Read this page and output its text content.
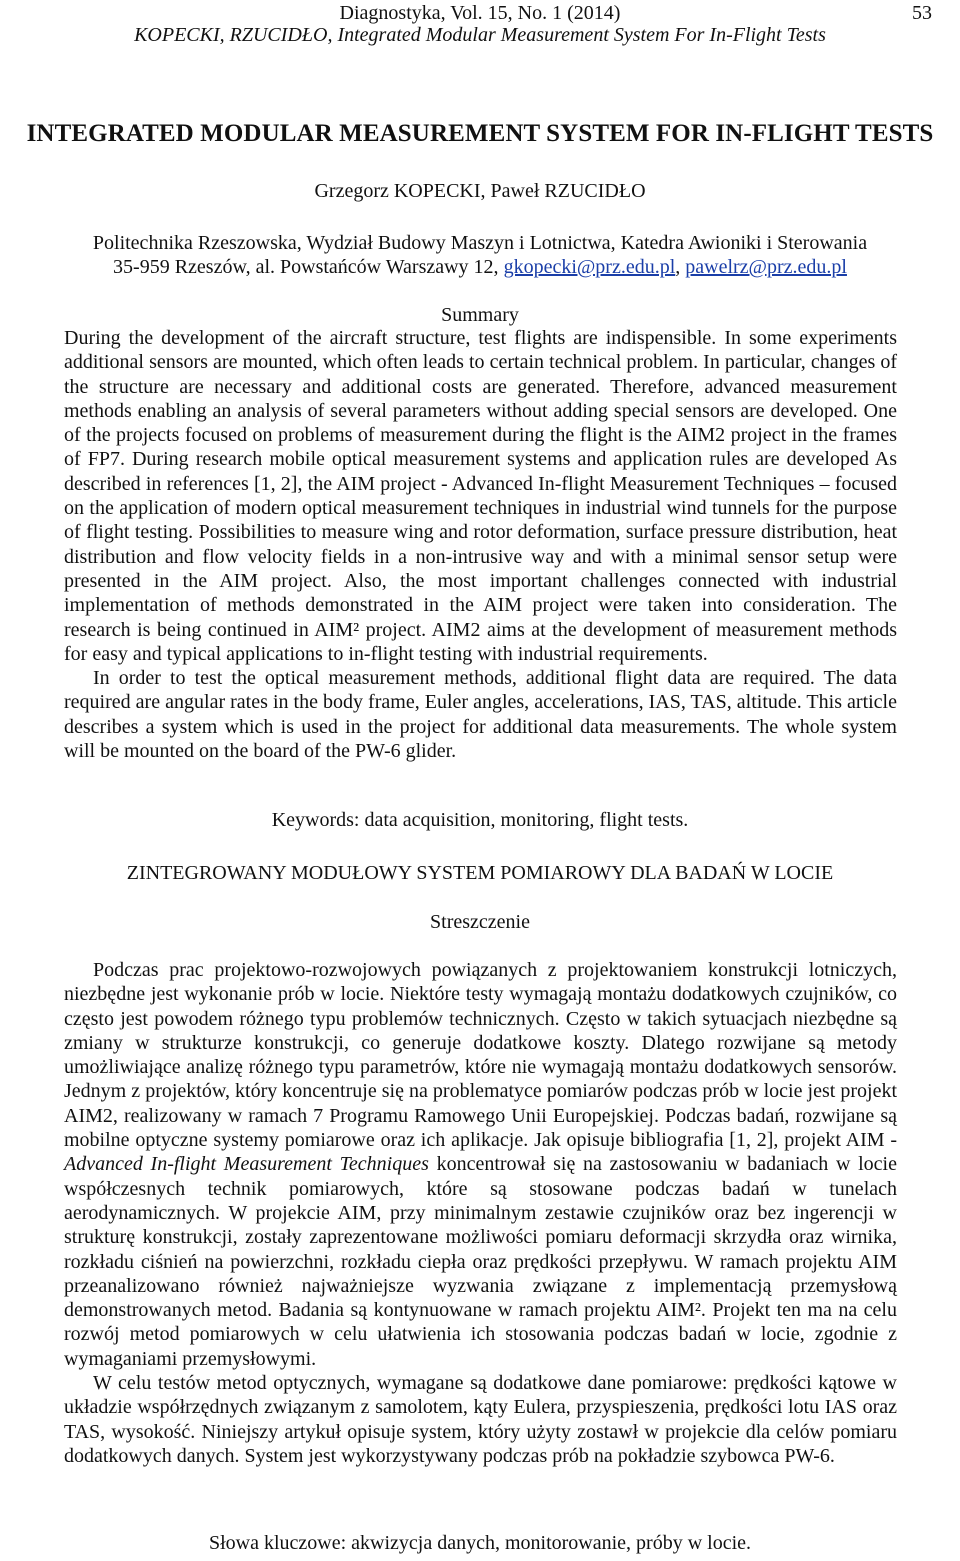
Diagnostyka, Vol. 15, No. 1 (2014)	53
KOPECKI, RZUCIDŁO, Integrated Modular Measurement System For In-Flight Tests
INTEGRATED MODULAR MEASUREMENT SYSTEM FOR IN-FLIGHT TESTS
Grzegorz KOPECKI, Paweł RZUCIDŁO
Politechnika Rzeszowska, Wydział Budowy Maszyn i Lotnictwa, Katedra Awioniki i Sterowania
35-959 Rzeszów, al. Powstańców Warszawy 12, gkopecki@prz.edu.pl, pawelrz@prz.edu.pl
Summary

During the development of the aircraft structure, test flights are indispensible. In some experiments additional sensors are mounted, which often leads to certain technical problem. In particular, changes of the structure are necessary and additional costs are generated. Therefore, advanced measurement methods enabling an analysis of several parameters without adding special sensors are developed. One of the projects focused on problems of measurement during the flight is the AIM2 project in the frames of FP7. During research mobile optical measurement systems and application rules are developed As described in references [1, 2], the AIM project - Advanced In-flight Measurement Techniques – focused on the application of modern optical measurement techniques in industrial wind tunnels for the purpose of flight testing. Possibilities to measure wing and rotor deformation, surface pressure distribution, heat distribution and flow velocity fields in a non-intrusive way and with a minimal sensor setup were presented in the AIM project. Also, the most important challenges connected with industrial implementation of methods demonstrated in the AIM project were taken into consideration. The research is being continued in AIM² project. AIM2 aims at the development of measurement methods for easy and typical applications to in-flight testing with industrial requirements.

In order to test the optical measurement methods, additional flight data are required. The data required are angular rates in the body frame, Euler angles, accelerations, IAS, TAS, altitude. This article describes a system which is used in the project for additional data measurements. The whole system will be mounted on the board of the PW-6 glider.

Keywords: data acquisition, monitoring, flight tests.
ZINTEGROWANY MODUŁOWY SYSTEM POMIAROWY DLA BADAŃ W LOCIE
Streszczenie

Podczas prac projektowo-rozwojowych powiązanych z projektowaniem konstrukcji lotniczych, niezbędne jest wykonanie prób w locie. Niektóre testy wymagają montażu dodatkowych czujników, co często jest powodem różnego typu problemów technicznych. Często w takich sytuacjach niezbędne są zmiany w strukturze konstrukcji, co generuje dodatkowe koszty. Dlatego rozwijane są metody umożliwiające analizę różnego typu parametrów, które nie wymagają montażu dodatkowych sensorów. Jednym z projektów, który koncentruje się na problematyce pomiarów podczas prób w locie jest projekt AIM2, realizowany w ramach 7 Programu Ramowego Unii Europejskiej. Podczas badań, rozwijane są mobilne optyczne systemy pomiarowe oraz ich aplikacje. Jak opisuje bibliografia [1, 2], projekt AIM - Advanced In-flight Measurement Techniques koncentrował się na zastosowaniu w badaniach w locie współczesnych technik pomiarowych, które są stosowane podczas badań w tunelach aerodynamicznych. W projekcie AIM, przy minimalnym zestawie czujników oraz bez ingerencji w strukturę konstrukcji, zostały zaprezentowane możliwości pomiaru deformacji skrzydła oraz wirnika, rozkładu ciśnień na powierzchni, rozkładu ciepła oraz prędkości przepływu. W ramach projektu AIM przeanalizowano również najważniejsze wyzwania związane z implementacją przemysłową demonstrowanych metod. Badania są kontynuowane w ramach projektu AIM². Projekt ten ma na celu rozwój metod pomiarowych w celu ułatwienia ich stosowania podczas badań w locie, zgodnie z wymaganiami przemysłowymi.

W celu testów metod optycznych, wymagane są dodatkowe dane pomiarowe: prędkości kątowe w układzie współrzędnych związanym z samolotem, kąty Eulera, przyspieszenia, prędkości lotu IAS oraz TAS, wysokość. Niniejszy artykuł opisuje system, który użyty zostawł w projekcie dla celów pomiaru dodatkowych danych. System jest wykorzystywany podczas prób na pokładzie szybowca PW-6.

Słowa kluczowe: akwizycja danych, monitorowanie, próby w locie.
